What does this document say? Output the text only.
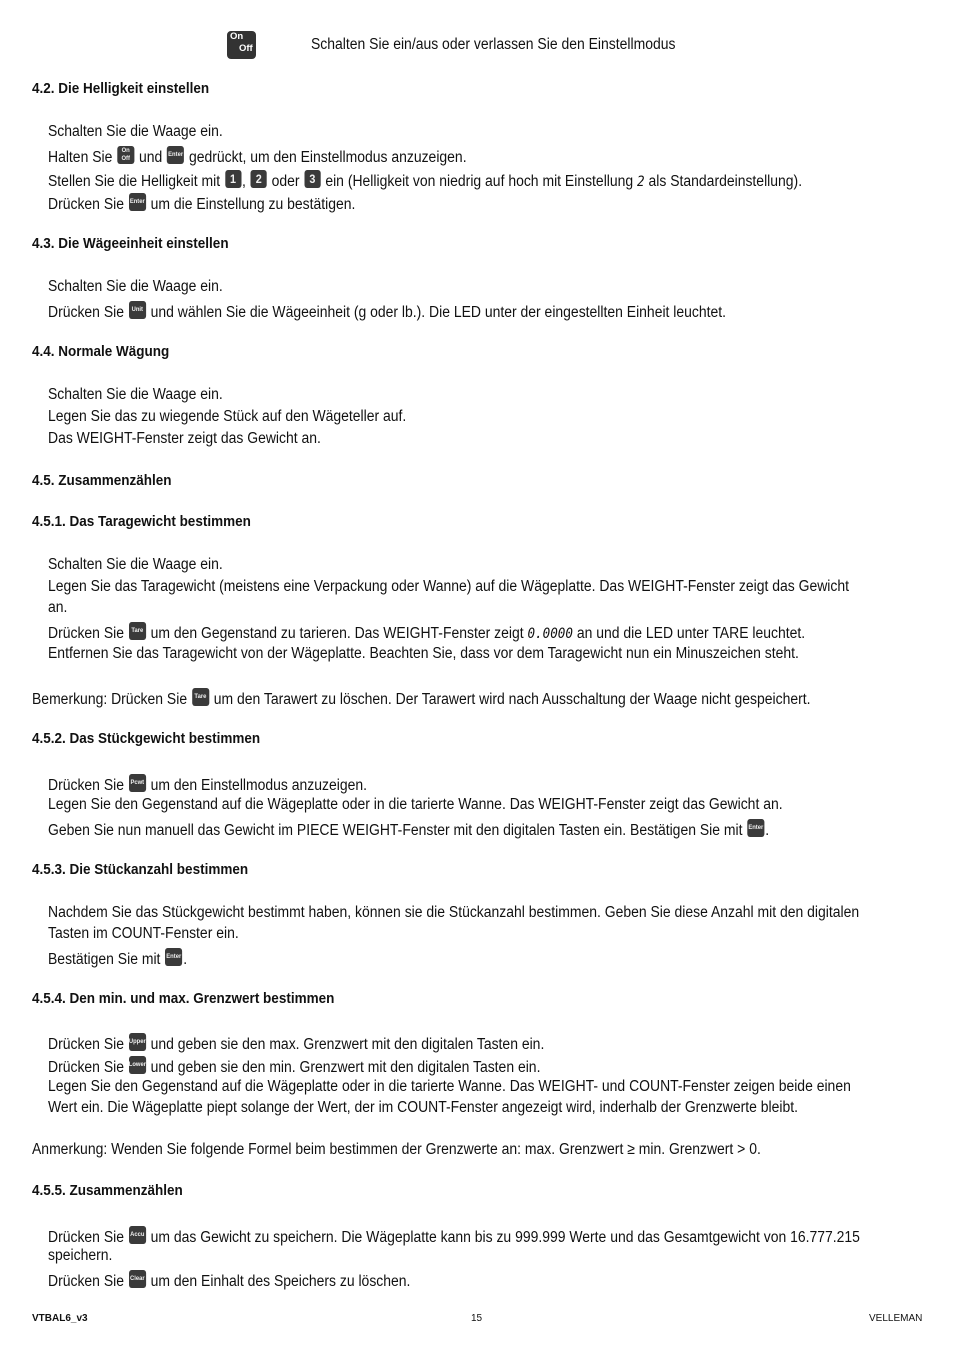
On
Off	Schalten Sie ein/aus oder verlassen Sie den Einstellmodus
4.2. Die Helligkeit einstellen
Schalten Sie die Waage ein.
Halten Sie On
Off und Enter gedrückt, um den Einstellmodus anzuzeigen.
Stellen Sie die Helligkeit mit 1 , 2 oder 3 ein (Helligkeit von niedrig auf hoch mit Einstellung 2 als Standardeinstellung).
Drücken Sie Enter um die Einstellung zu bestätigen.
4.3. Die Wägeeinheit einstellen
Schalten Sie die Waage ein.
Drücken Sie Unit und wählen Sie die Wägeeinheit (g oder lb.). Die LED unter der eingestellten Einheit leuchtet.
4.4. Normale Wägung
Schalten Sie die Waage ein.
Legen Sie das zu wiegende Stück auf den Wägeteller auf.
Das WEIGHT-Fenster zeigt das Gewicht an.
4.5. Zusammenzählen
4.5.1. Das Taragewicht bestimmen
Schalten Sie die Waage ein.
Legen Sie das Taragewicht (meistens eine Verpackung oder Wanne) auf die Wägeplatte. Das WEIGHT-Fenster zeigt das Gewicht
an.
Drücken Sie Tare um den Gegenstand zu tarieren. Das WEIGHT-Fenster zeigt 0.0000 an und die LED unter TARE leuchtet.
Entfernen Sie das Taragewicht von der Wägeplatte. Beachten Sie, dass vor dem Taragewicht nun ein Minuszeichen steht.
Bemerkung: Drücken Sie Tare um den Tarawert zu löschen. Der Tarawert wird nach Ausschaltung der Waage nicht gespeichert.
4.5.2. Das Stückgewicht bestimmen
Drücken Sie Pcwt um den Einstellmodus anzuzeigen.
Legen Sie den Gegenstand auf die Wägeplatte oder in die tarierte Wanne. Das WEIGHT-Fenster zeigt das Gewicht an.
Geben Sie nun manuell das Gewicht im PIECE WEIGHT-Fenster mit den digitalen Tasten ein. Bestätigen Sie mit Enter .
4.5.3. Die Stückanzahl bestimmen
Nachdem Sie das Stückgewicht bestimmt haben, können sie die Stückanzahl bestimmen. Geben Sie diese Anzahl mit den digitalen
Tasten im COUNT-Fenster ein.
Bestätigen Sie mit Enter .
4.5.4. Den min. und max. Grenzwert bestimmen
Drücken Sie Upper und geben sie den max. Grenzwert mit den digitalen Tasten ein.
Drücken Sie Lower und geben sie den min. Grenzwert mit den digitalen Tasten ein.
Legen Sie den Gegenstand auf die Wägeplatte oder in die tarierte Wanne. Das WEIGHT- und COUNT-Fenster zeigen beide einen
Wert ein. Die Wägeplatte piept solange der Wert, der im COUNT-Fenster angezeigt wird, inderhalb der Grenzwerte bleibt.
Anmerkung: Wenden Sie folgende Formel beim bestimmen der Grenzwerte an: max. Grenzwert ≥ min. Grenzwert > 0.
4.5.5. Zusammenzählen
Drücken Sie Accu um das Gewicht zu speichern. Die Wägeplatte kann bis zu 999.999 Werte und das Gesamtgewicht von 16.777.215
speichern.
Drücken Sie Clear um den Einhalt des Speichers zu löschen.
VTBAL6_v3	15	VELLEMAN
